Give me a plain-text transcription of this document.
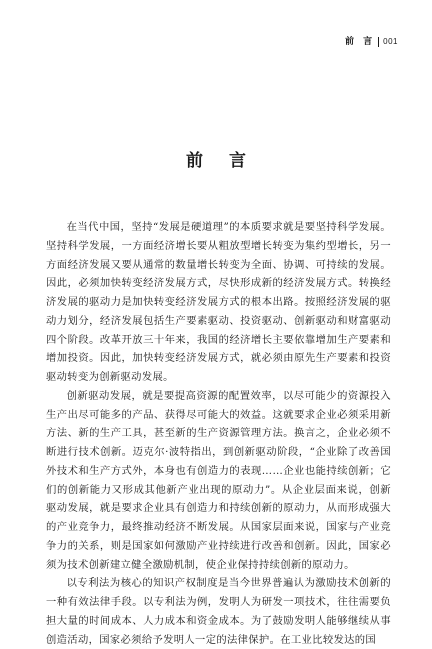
前 言 001
前言

在当代中国，坚持“发展是硬道理”的本质要求就是要坚持科学发展。坚持科学发展，一方面经济增长要从粗放型增长转变为集约型增长，另一方面经济发展又要从通常的数量增长转变为全面、协调、可持续的发展。因此，必须加快转变经济发展方式，尽快形成新的经济发展方式。转换经济发展的驱动力是加快转变经济发展方式的根本出路。按照经济发展的驱动力划分，经济发展包括生产要素驱动、投资驱动、创新驱动和财富驱动四个阶段。改革开放三十年来，我国的经济增长主要依靠增加生产要素和增加投资。因此，加快转变经济发展方式，就必须由原先生产要素和投资驱动转变为创新驱动发展。

创新驱动发展，就是要提高资源的配置效率，以尽可能少的资源投入生产出尽可能多的产品、获得尽可能大的效益。这就要求企业必须采用新方法、新的生产工具，甚至新的生产资源管理方法。换言之，企业必须不断进行技术创新。迈克尔·波特指出，到创新驱动阶段，“企业除了改善国外技术和生产方式外，本身也有创造力的表现……企业也能持续创新；它们的创新能力又形成其他新产业出现的原动力”。从企业层面来说，创新驱动发展，就是要求企业具有创造力和持续创新的原动力，从而形成强大的产业竞争力，最终推动经济不断发展。从国家层面来说，国家与产业竞争力的关系，则是国家如何激励产业持续进行改善和创新。因此，国家必须为技术创新建立健全激励机制，使企业保持持续创新的原动力。

以专利法为核心的知识产权制度是当今世界普遍认为激励技术创新的一种有效法律手段。以专利法为例，发明人为研发一项技术，往往需要负担大量的时间成本、人力成本和资金成本。为了鼓励发明人能够继续从事创造活动，国家必须给予发明人一定的法律保护。在工业比较发达的国
